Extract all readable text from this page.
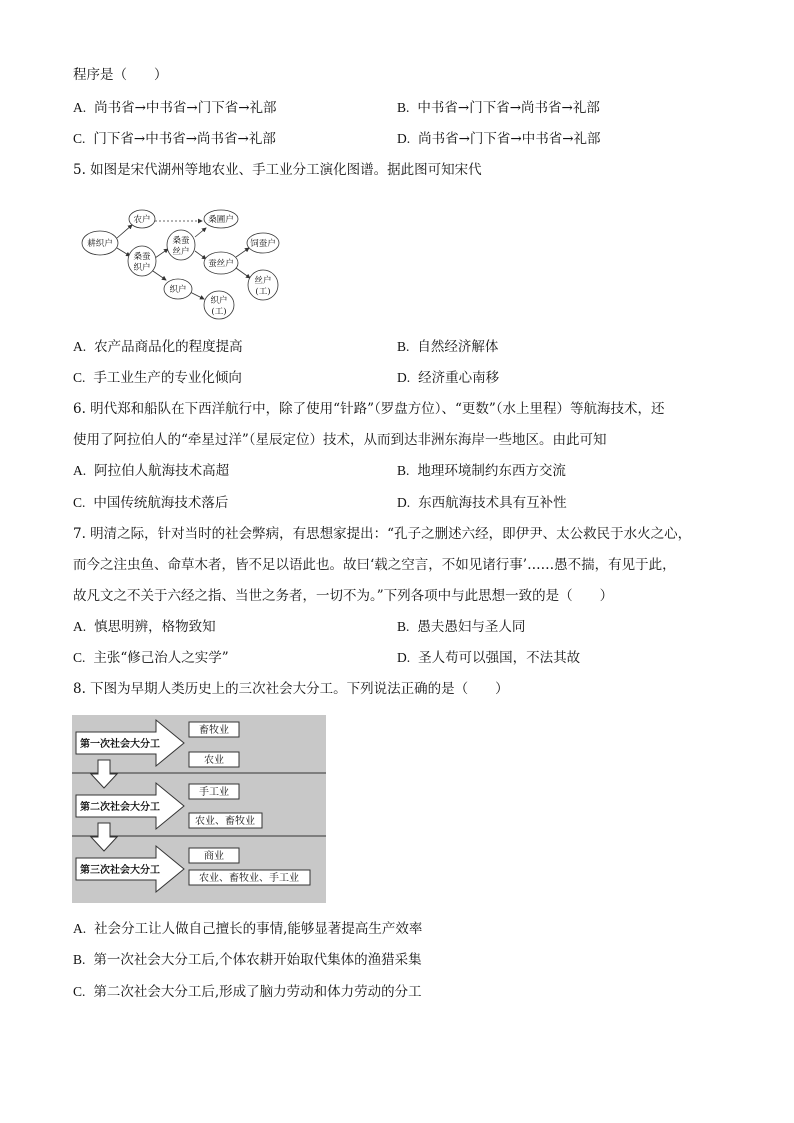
程序是（　　）
A. 尚书省→中书省→门下省→礼部	B. 中书省→门下省→尚书省→礼部
C. 门下省→中书省→尚书省→礼部	D. 尚书省→门下省→中书省→礼部
5. 如图是宋代湖州等地农业、手工业分工演化图谱。据此图可知宋代
耕织户
农户
桑蚕
织户
桑蚕
丝户
桑圃户
蚕丝户
饲蚕户
丝户
(工)
织户
织户
(工)
A. 农产品商品化的程度提高	B. 自然经济解体
C. 手工业生产的专业化倾向	D. 经济重心南移
6. 明代郑和船队在下西洋航行中，除了使用“针路”（罗盘方位）、“更数”（水上里程）等航海技术，还
使用了阿拉伯人的“牵星过洋”（星辰定位）技术，从而到达非洲东海岸一些地区。由此可知
A. 阿拉伯人航海技术高超	B. 地理环境制约东西方交流
C. 中国传统航海技术落后	D. 东西航海技术具有互补性
7. 明清之际，针对当时的社会弊病，有思想家提出：“孔子之删述六经，即伊尹、太公救民于水火之心，
而今之注虫鱼、命草木者，皆不足以语此也。故曰‘载之空言，不如见诸行事’……愚不揣，有见于此，
故凡文之不关于六经之指、当世之务者，一切不为。”下列各项中与此思想一致的是（　　）
A. 慎思明辨，格物致知	B. 愚夫愚妇与圣人同
C. 主张“修己治人之实学”	D. 圣人苟可以强国，不法其故
8. 下图为早期人类历史上的三次社会大分工。下列说法正确的是（　　）
第一次社会大分工
第二次社会大分工
第三次社会大分工
畜牧业
农业
手工业
农业、畜牧业
商业
农业、畜牧业、手工业
A. 社会分工让人做自己擅长的事情,能够显著提高生产效率
B. 第一次社会大分工后,个体农耕开始取代集体的渔猎采集
C. 第二次社会大分工后,形成了脑力劳动和体力劳动的分工
